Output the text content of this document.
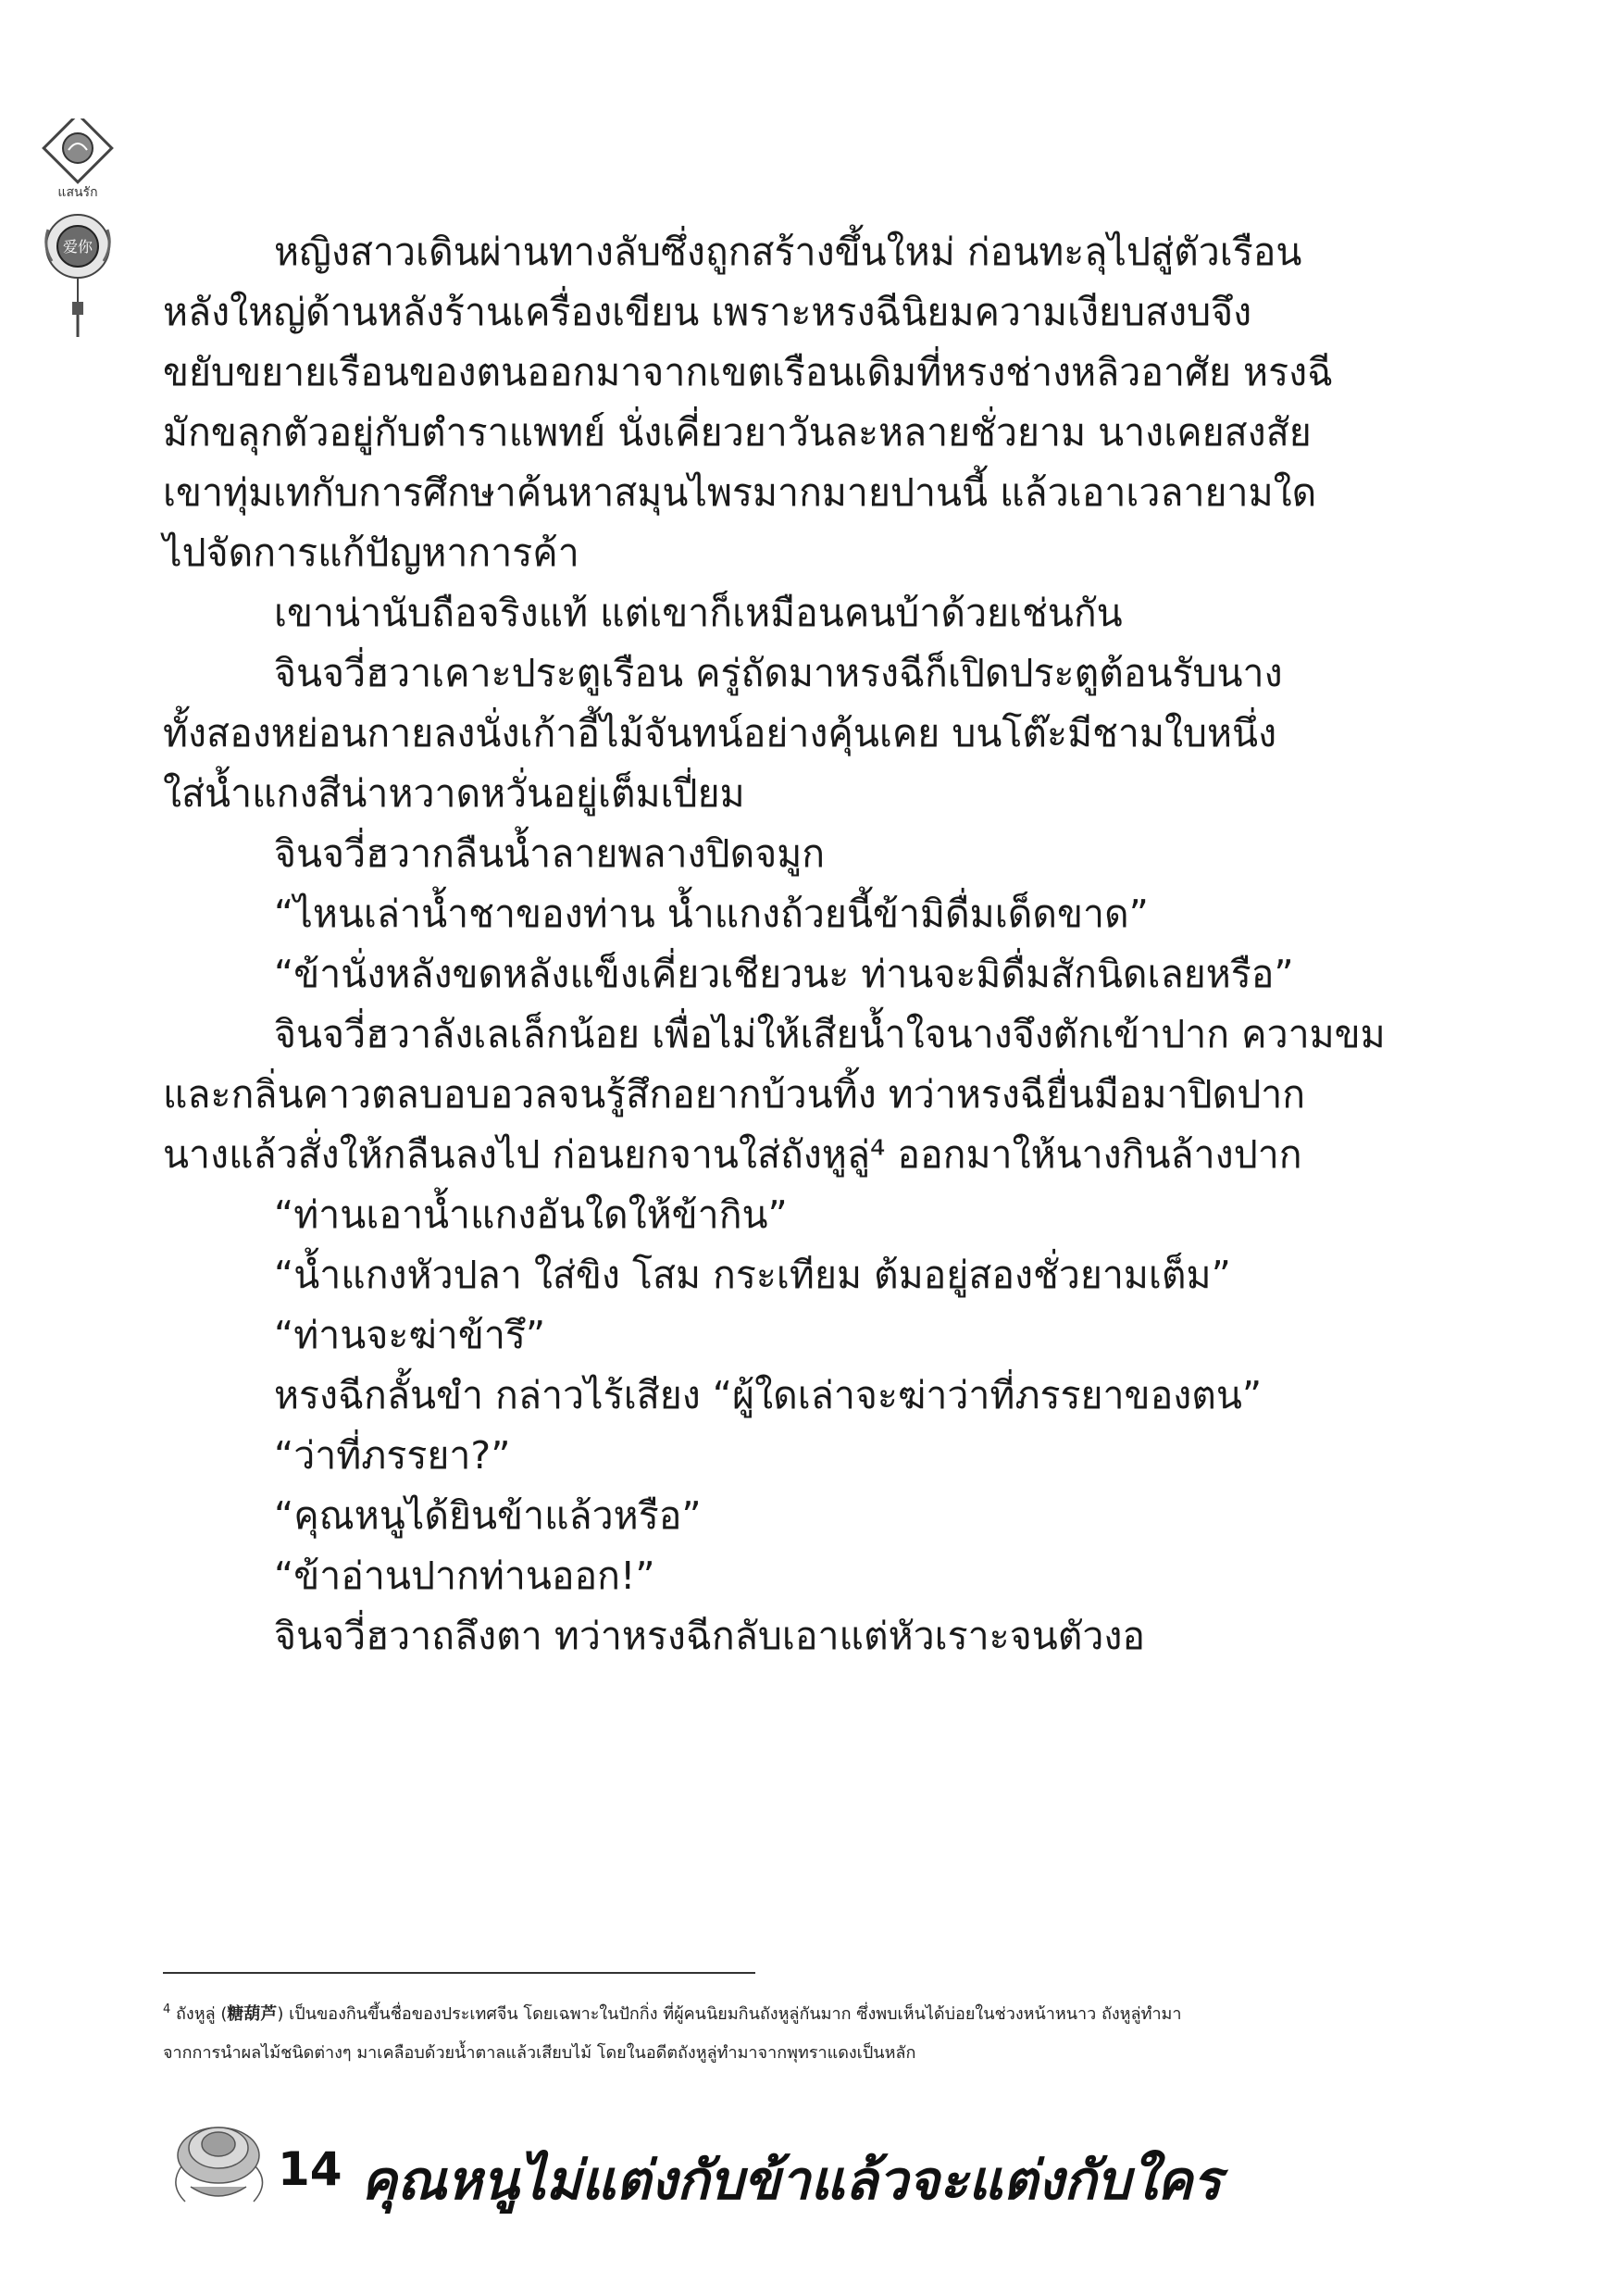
แสนรัก
爱你	หญิงสาวเดินผ่านทางลับซึ่งถูกสร้างขึ้นใหม่ ก่อนทะลุไปสู่ตัวเรือน

หลังใหญ่ด้านหลังร้านเครื่องเขียน เพราะหรงฉีนิยมความเงียบสงบจึง

ขยับขยายเรือนของตนออกมาจากเขตเรือนเดิมที่หรงช่างหลิวอาศัย หรงฉี

มักขลุกตัวอยู่กับตำราแพทย์ นั่งเคี่ยวยาวันละหลายชั่วยาม นางเคยสงสัย

เขาทุ่มเทกับการศึกษาค้นหาสมุนไพรมากมายปานนี้ แล้วเอาเวลายามใด

ไปจัดการแก้ปัญหาการค้า

เขาน่านับถือจริงแท้ แต่เขาก็เหมือนคนบ้าด้วยเช่นกัน

จินจวี่ฮวาเคาะประตูเรือน ครู่ถัดมาหรงฉีก็เปิดประตูต้อนรับนาง

ทั้งสองหย่อนกายลงนั่งเก้าอี้ไม้จันทน์อย่างคุ้นเคย บนโต๊ะมีชามใบหนึ่ง

ใส่น้ำแกงสีน่าหวาดหวั่นอยู่เต็มเปี่ยม

จินจวี่ฮวากลืนน้ำลายพลางปิดจมูก

“ไหนเล่าน้ำชาของท่าน น้ำแกงถ้วยนี้ข้ามิดื่มเด็ดขาด”

“ข้านั่งหลังขดหลังแข็งเคี่ยวเชียวนะ ท่านจะมิดื่มสักนิดเลยหรือ”

จินจวี่ฮวาลังเลเล็กน้อย เพื่อไม่ให้เสียน้ำใจนางจึงตักเข้าปาก ความขม

และกลิ่นคาวตลบอบอวลจนรู้สึกอยากบ้วนทิ้ง ทว่าหรงฉียื่นมือมาปิดปาก

นางแล้วสั่งให้กลืนลงไป ก่อนยกจานใส่ถังหูลู่⁴ ออกมาให้นางกินล้างปาก

“ท่านเอาน้ำแกงอันใดให้ข้ากิน”

“น้ำแกงหัวปลา ใส่ขิง โสม กระเทียม ต้มอยู่สองชั่วยามเต็ม”

“ท่านจะฆ่าข้ารึ”

หรงฉีกลั้นขำ กล่าวไร้เสียง “ผู้ใดเล่าจะฆ่าว่าที่ภรรยาของตน”

“ว่าที่ภรรยา?”

“คุณหนูได้ยินข้าแล้วหรือ”

“ข้าอ่านปากท่านออก!”

จินจวี่ฮวาถลึงตา ทว่าหรงฉีกลับเอาแต่หัวเราะจนตัวงอ

$^4$ ถังหูลู่ (糖葫芦) เป็นของกินขึ้นชื่อของประเทศจีน โดยเฉพาะในปักกิ่ง ที่ผู้คนนิยมกินถังหูลู่กันมาก ซึ่งพบเห็นได้บ่อยในช่วงหน้าหนาว ถังหูลู่ทำมา

จากการนำผลไม้ชนิดต่างๆ มาเคลือบด้วยน้ำตาลแล้วเสียบไม้ โดยในอดีตถังหูลู่ทำมาจากพุทราแดงเป็นหลัก

14 คุณหนูไม่แต่งกับข้าแล้วจะแต่งกับใคร
